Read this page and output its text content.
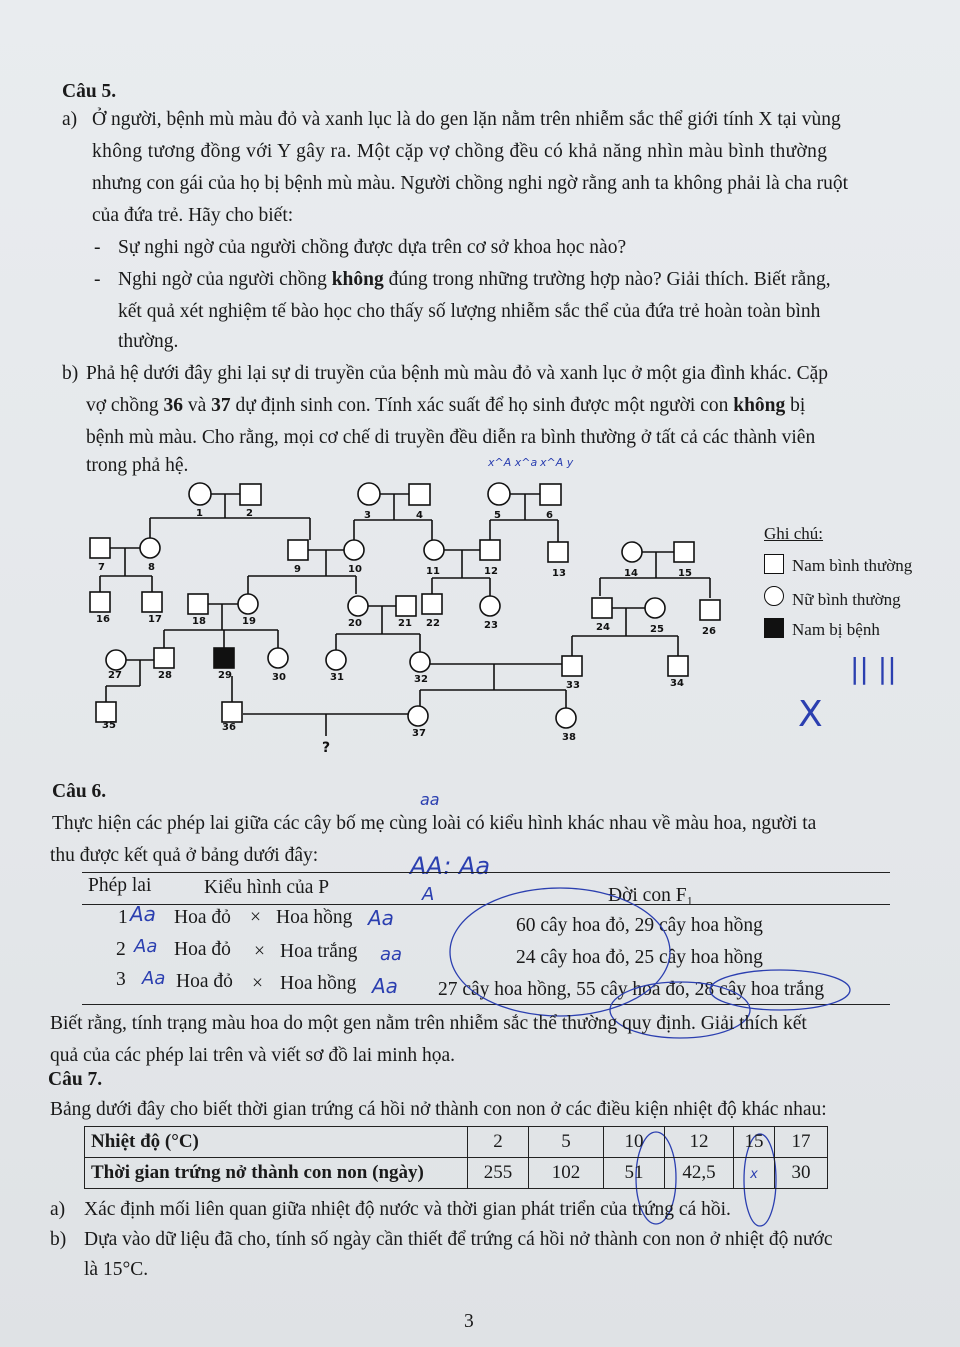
Câu 5.
a) Ở người, bệnh mù màu đỏ và xanh lục là do gen lặn nằm trên nhiễm sắc thể giới tính X tại vùng
không tương đồng với Y gây ra. Một cặp vợ chồng đều có khả năng nhìn màu bình thường
nhưng con gái của họ bị bệnh mù màu. Người chồng nghi ngờ rằng anh ta không phải là cha ruột
của đứa trẻ. Hãy cho biết:
- Sự nghi ngờ của người chồng được dựa trên cơ sở khoa học nào?
- Nghi ngờ của người chồng không đúng trong những trường hợp nào? Giải thích. Biết rằng,
kết quả xét nghiệm tế bào học cho thấy số lượng nhiễm sắc thể của đứa trẻ hoàn toàn bình
thường.
b) Phả hệ dưới đây ghi lại sự di truyền của bệnh mù màu đỏ và xanh lục ở một gia đình khác. Cặp
vợ chồng 36 và 37 dự định sinh con. Tính xác suất để họ sinh được một người con không bị
bệnh mù màu. Cho rằng, mọi cơ chế di truyền đều diễn ra bình thường ở tất cả các thành viên
trong phả hệ.	x^A x^a x^A y
1	2	3	4	5	6
7	8	9	10	11	12	13	14	15
16	17	18	19	20	21 22	23	24	25	26
27	28	29	30	31	32
33	34
35	36
37	38
?
Ghi chú:
Nam bình thường
Nữ bình thường
Nam bị bệnh
|| ||
X
Câu 6.	aa
Thực hiện các phép lai giữa các cây bố mẹ cùng loài có kiểu hình khác nhau về màu hoa, người ta
thu được kết quả ở bảng dưới đây:	AA: Aa
A
Phép lai	Kiểu hình của P	Đời con F₁
1 Aa Hoa đỏ × Hoa hồng Aa	60 cây hoa đỏ, 29 cây hoa hồng
2 Aa Hoa đỏ × Hoa trắng aa	24 cây hoa đỏ, 25 cây hoa hồng
3 Aa Hoa đỏ × Hoa hồng Aa 27 cây hoa hồng, 55 cây hoa đỏ, 28 cây hoa trắng
Biết rằng, tính trạng màu hoa do một gen nằm trên nhiễm sắc thể thường quy định. Giải thích kết
quả của các phép lai trên và viết sơ đồ lai minh họa.
Câu 7.
Bảng dưới đây cho biết thời gian trứng cá hồi nở thành con non ở các điều kiện nhiệt độ khác nhau:
Nhiệt độ (°C)	2	5	10	12	15	17
Thời gian trứng nở thành con non (ngày)	255	102	51	42,5	x	30
a) Xác định mối liên quan giữa nhiệt độ nước và thời gian phát triển của trứng cá hồi.
b) Dựa vào dữ liệu đã cho, tính số ngày cần thiết để trứng cá hồi nở thành con non ở nhiệt độ nước
là 15°C.
3
